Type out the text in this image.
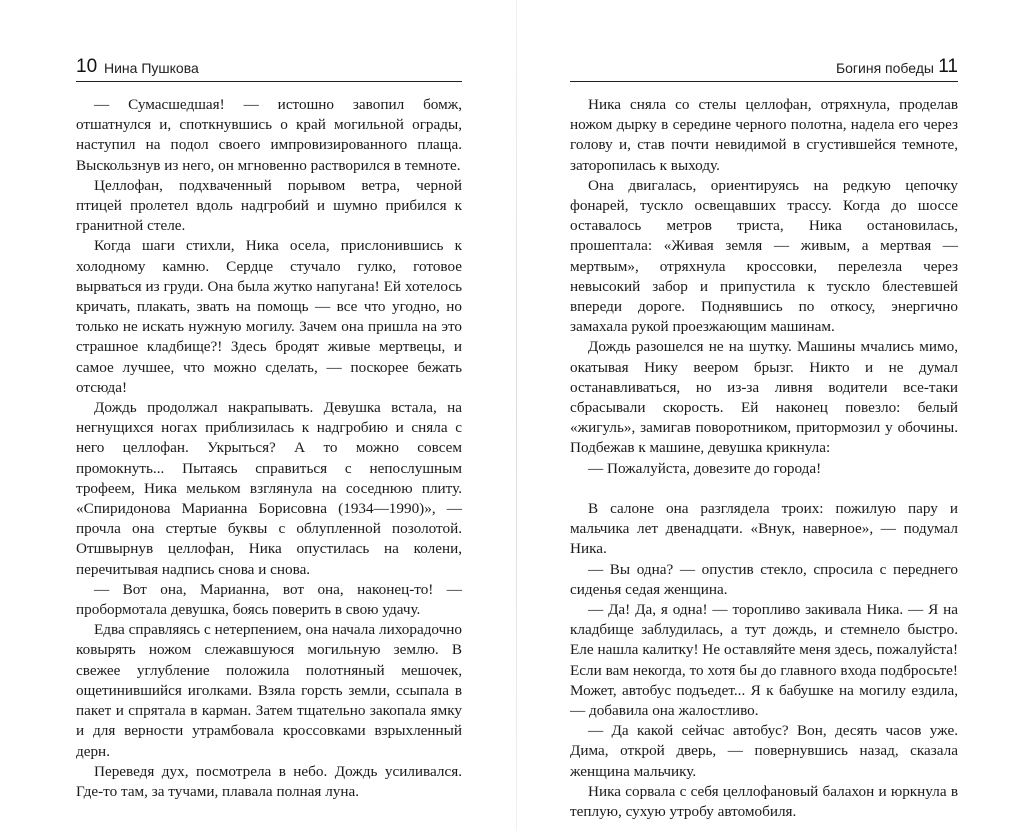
10 Нина Пушкова

— Сумасшедшая! — истошно завопил бомж, отшатнулся и, споткнувшись о край могильной ограды, наступил на подол своего импровизированного плаща. Выскользнув из него, он мгновенно растворился в темноте.

Целлофан, подхваченный порывом ветра, черной птицей пролетел вдоль надгробий и шумно прибился к гранитной стеле.

Когда шаги стихли, Ника осела, прислонившись к холодному камню. Сердце стучало гулко, готовое вырваться из груди. Она была жутко напугана! Ей хотелось кричать, плакать, звать на помощь — все что угодно, но только не искать нужную могилу. Зачем она пришла на это страшное кладбище?! Здесь бродят живые мертвецы, и самое лучшее, что можно сделать, — поскорее бежать отсюда!

Дождь продолжал накрапывать. Девушка встала, на негнущихся ногах приблизилась к надгробию и сняла с него целлофан. Укрыться? А то можно совсем промокнуть... Пытаясь справиться с непослушным трофеем, Ника мельком взглянула на соседнюю плиту. «Спиридонова Марианна Борисовна (1934—1990)», — прочла она стертые буквы с облупленной позолотой. Отшвырнув целлофан, Ника опустилась на колени, перечитывая надпись снова и снова.

— Вот она, Марианна, вот она, наконец-то! — пробормотала девушка, боясь поверить в свою удачу.

Едва справляясь с нетерпением, она начала лихорадочно ковырять ножом слежавшуюся могильную землю. В свежее углубление положила полотняный мешочек, ощетинившийся иголками. Взяла горсть земли, ссыпала в пакет и спрятала в карман. Затем тщательно закопала ямку и для верности утрамбовала кроссовками взрыхленный дерн.

Переведя дух, посмотрела в небо. Дождь усиливался. Где-то там, за тучами, плавала полная луна.

Богиня победы 11

Ника сняла со стелы целлофан, отряхнула, проделав ножом дырку в середине черного полотна, надела его через голову и, став почти невидимой в сгустившейся темноте, заторопилась к выходу.

Она двигалась, ориентируясь на редкую цепочку фонарей, тускло освещавших трассу. Когда до шоссе оставалось метров триста, Ника остановилась, прошептала: «Живая земля — живым, а мертвая — мертвым», отряхнула кроссовки, перелезла через невысокий забор и припустила к тускло блестевшей впереди дороге. Поднявшись по откосу, энергично замахала рукой проезжающим машинам.

Дождь разошелся не на шутку. Машины мчались мимо, окатывая Нику веером брызг. Никто и не думал останавливаться, но из-за ливня водители все-таки сбрасывали скорость. Ей наконец повезло: белый «жигуль», замигав поворотником, притормозил у обочины. Подбежав к машине, девушка крикнула:

— Пожалуйста, довезите до города!

В салоне она разглядела троих: пожилую пару и мальчика лет двенадцати. «Внук, наверное», — подумал Ника.

— Вы одна? — опустив стекло, спросила с переднего сиденья седая женщина.

— Да! Да, я одна! — торопливо закивала Ника. — Я на кладбище заблудилась, а тут дождь, и стемнело быстро. Еле нашла калитку! Не оставляйте меня здесь, пожалуйста! Если вам некогда, то хотя бы до главного входа подбросьте! Может, автобус подъедет... Я к бабушке на могилу ездила, — добавила она жалостливо.

— Да какой сейчас автобус? Вон, десять часов уже. Дима, открой дверь, — повернувшись назад, сказала женщина мальчику.

Ника сорвала с себя целлофановый балахон и юркнула в теплую, сухую утробу автомобиля.
